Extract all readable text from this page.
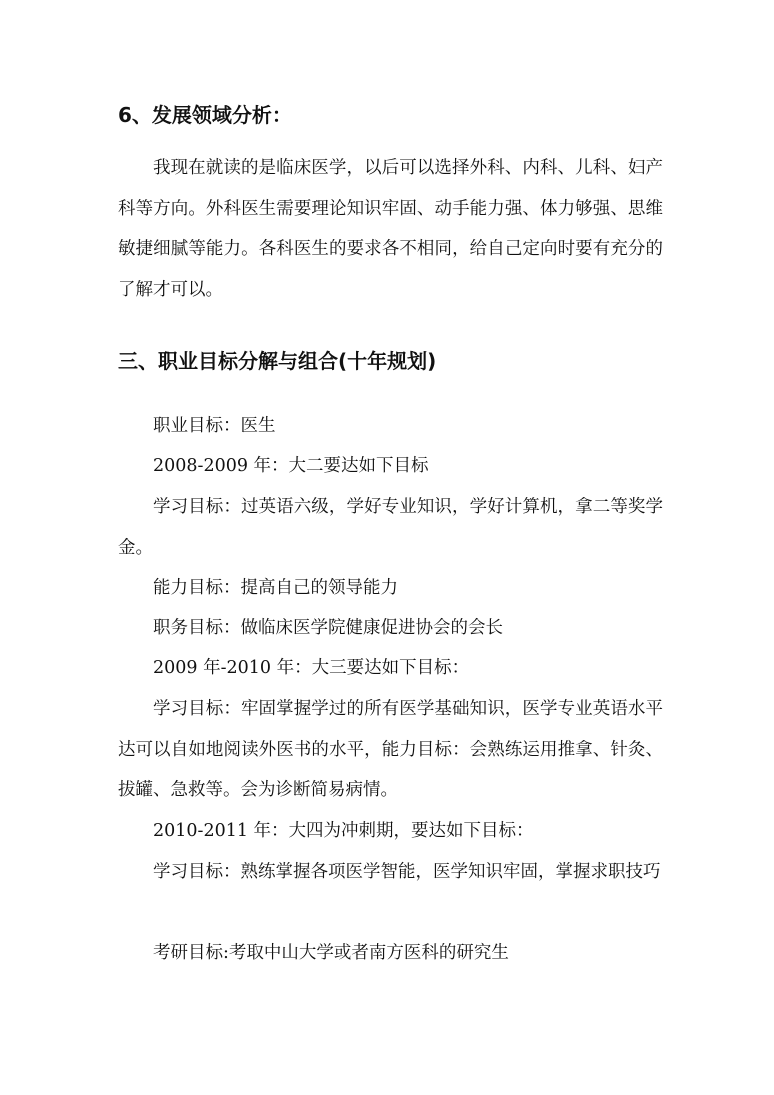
6、发展领域分析：

我现在就读的是临床医学，以后可以选择外科、内科、儿科、妇产科等方向。外科医生需要理论知识牢固、动手能力强、体力够强、思维敏捷细腻等能力。各科医生的要求各不相同，给自己定向时要有充分的了解才可以。

三、职业目标分解与组合(十年规划)

职业目标：医生

2008-2009 年：大二要达如下目标

学习目标：过英语六级，学好专业知识，学好计算机，拿二等奖学金。

能力目标：提高自己的领导能力

职务目标：做临床医学院健康促进协会的会长

2009 年-2010 年：大三要达如下目标：

学习目标：牢固掌握学过的所有医学基础知识，医学专业英语水平达可以自如地阅读外医书的水平，能力目标：会熟练运用推拿、针灸、拔罐、急救等。会为诊断简易病情。

2010-2011 年：大四为冲刺期，要达如下目标：

学习目标：熟练掌握各项医学智能，医学知识牢固，掌握求职技巧

考研目标:考取中山大学或者南方医科的研究生
